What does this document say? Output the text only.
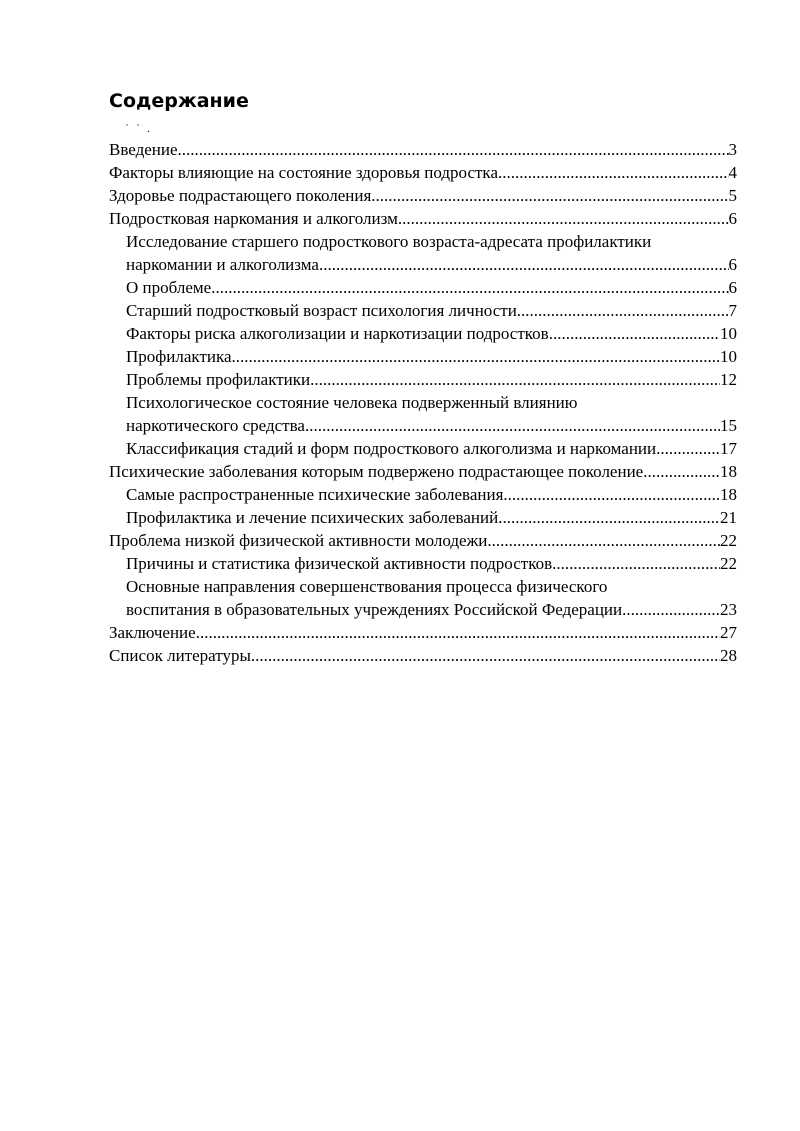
Содержание
˙ ˙ .
Введение .....	3
Факторы влияющие на состояние здоровья подростка .....	4
Здоровье подрастающего поколения .....	5
Подростковая наркомания и алкоголизм .....	6
Исследование старшего подросткового возраста-адресата профилактики
наркомании и алкоголизма .....	6
О проблеме .....	6
Старший подростковый возраст психология личности .....	7
Факторы риска алкоголизации и наркотизации подростков .....	10
Профилактика .....	10
Проблемы профилактики .....	12
Психологическое состояние человека подверженный влиянию
наркотического средства .....	15
Классификация стадий и форм подросткового алкоголизма и наркомании .....	17
Психические заболевания которым подвержено подрастающее поколение .....	18
Самые распространенные психические заболевания .....	18
Профилактика и лечение психических заболеваний .....	21
Проблема низкой физической активности молодежи .....	22
Причины и статистика физической активности подростков .....	22
Основные направления совершенствования процесса физического
воспитания в образовательных учреждениях Российской Федерации .....	23
Заключение .....	27
Список литературы .....	28
